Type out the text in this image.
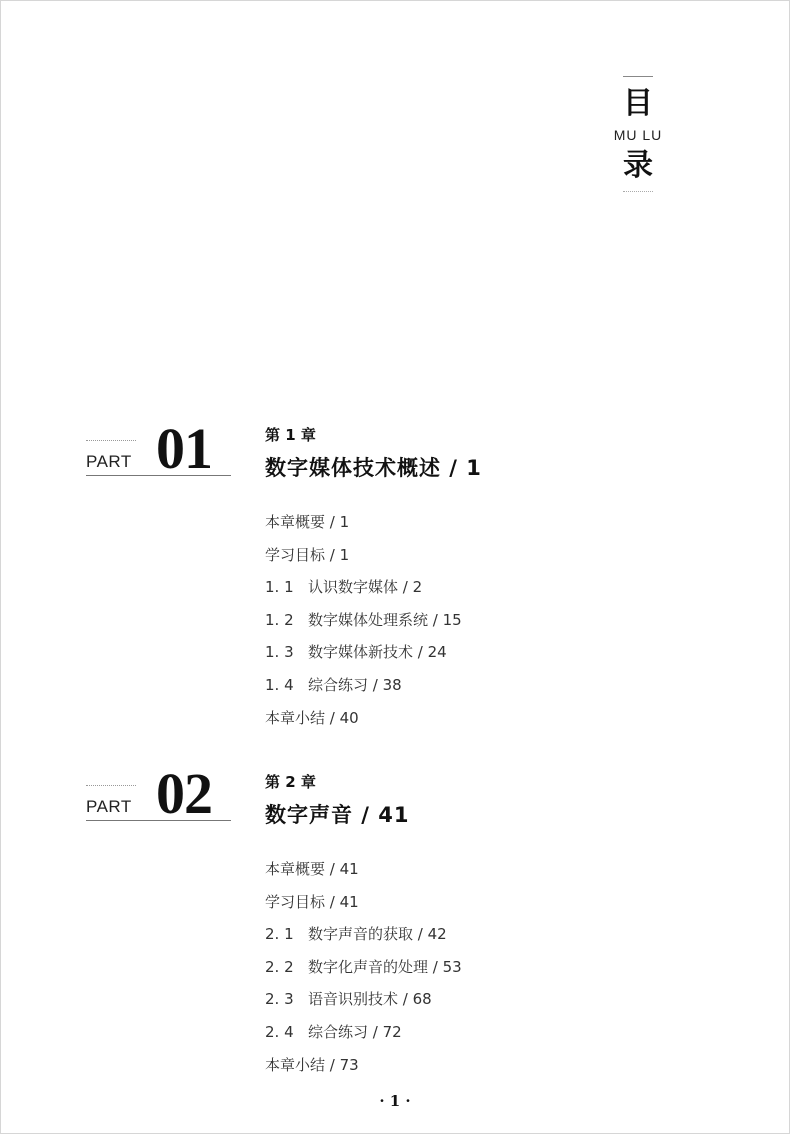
目
MU LU
录
PART 01	第 1 章
数字媒体技术概述 / 1
本章概要 / 1
学习目标 / 1
1. 1 认识数字媒体 / 2
1. 2 数字媒体处理系统 / 15
1. 3 数字媒体新技术 / 24
1. 4 综合练习 / 38
本章小结 / 40
PART 02	第 2 章
数字声音 / 41
本章概要 / 41
学习目标 / 41
2. 1 数字声音的获取 / 42
2. 2 数字化声音的处理 / 53
2. 3 语音识别技术 / 68
2. 4 综合练习 / 72
本章小结 / 73
· 1 ·
